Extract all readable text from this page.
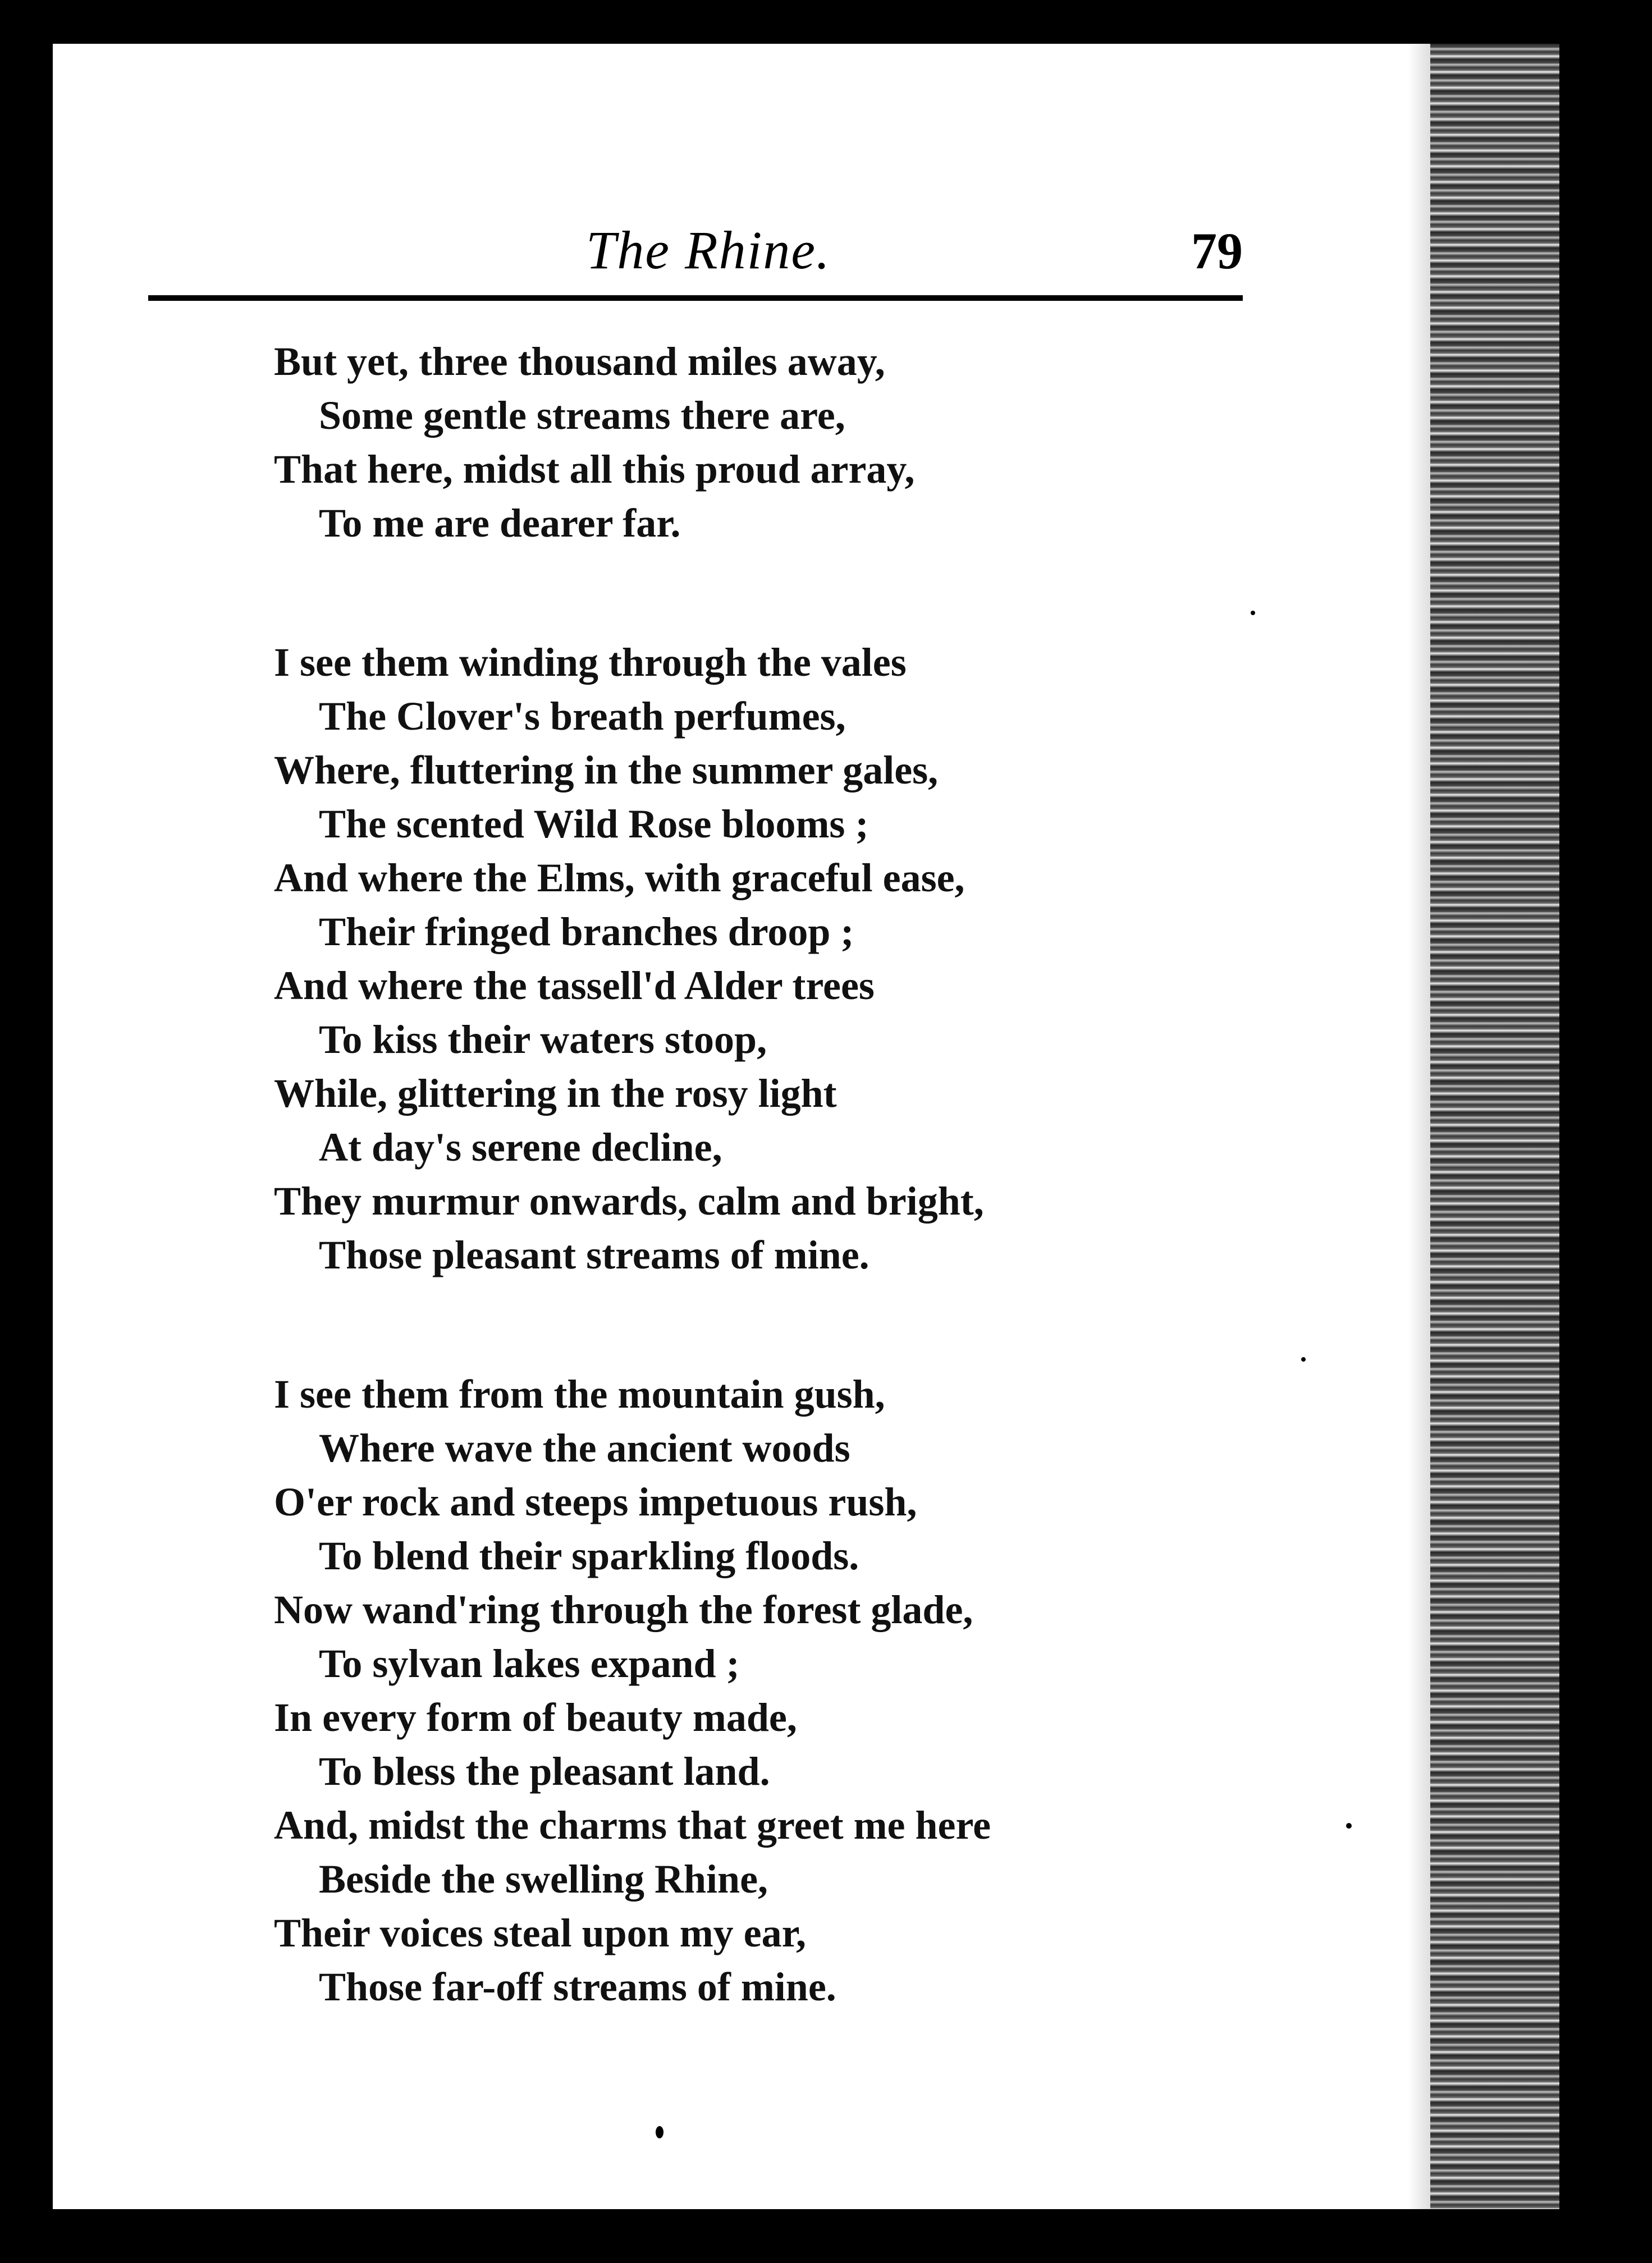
The Rhine.	79
But yet, three thousand miles away,
Some gentle streams there are,
That here, midst all this proud array,
To me are dearer far.
I see them winding through the vales
The Clover's breath perfumes,
Where, fluttering in the summer gales,
The scented Wild Rose blooms ;
And where the Elms, with graceful ease,
Their fringed branches droop ;
And where the tassell'd Alder trees
To kiss their waters stoop,
While, glittering in the rosy light
At day's serene decline,
They murmur onwards, calm and bright,
Those pleasant streams of mine.
I see them from the mountain gush,
Where wave the ancient woods
O'er rock and steeps impetuous rush,
To blend their sparkling floods.
Now wand'ring through the forest glade,
To sylvan lakes expand ;
In every form of beauty made,
To bless the pleasant land.
And, midst the charms that greet me here
Beside the swelling Rhine,
Their voices steal upon my ear,
Those far-off streams of mine.
